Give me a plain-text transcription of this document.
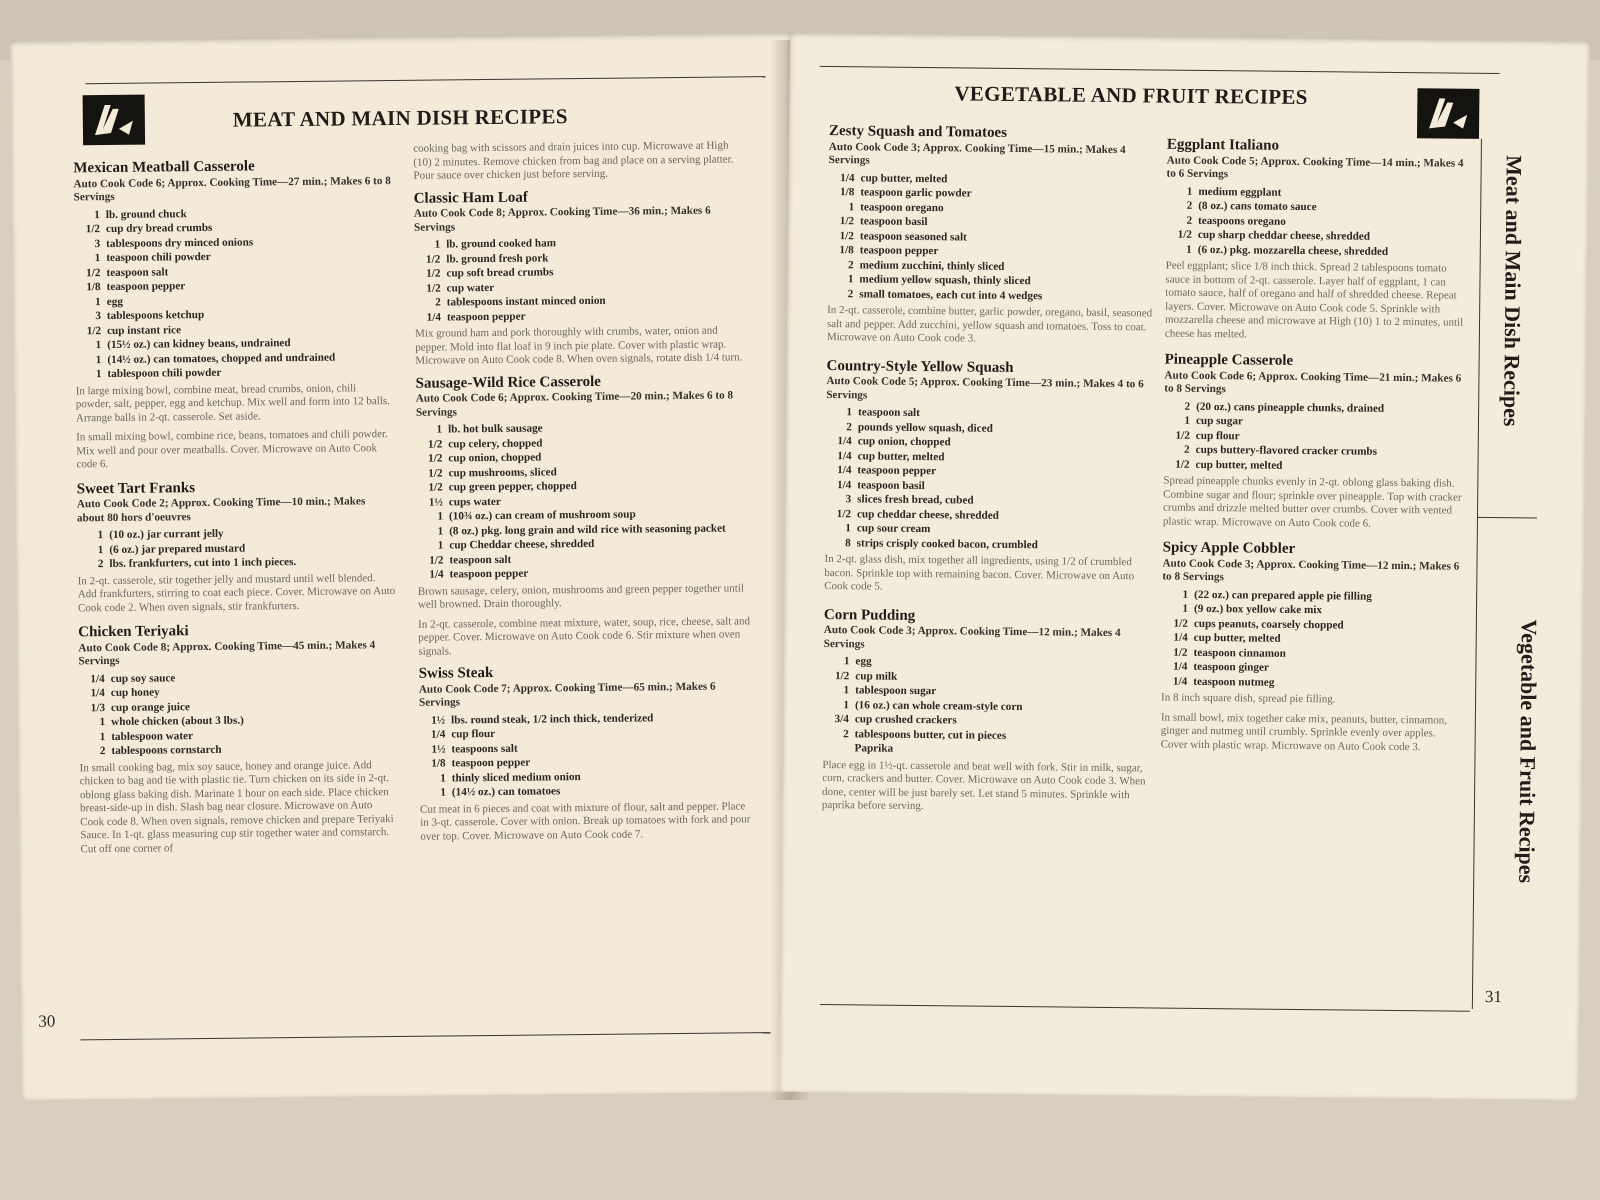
MEAT AND MAIN DISH RECIPES
Mexican Meatball Casserole
Auto Cook Code 6; Approx. Cooking Time—27 min.; Makes 6 to 8 Servings
1 lb. ground chuck
1/2 cup dry bread crumbs
3 tablespoons dry minced onions
1 teaspoon chili powder
1/2 teaspoon salt
1/8 teaspoon pepper
1 egg
3 tablespoons ketchup
1/2 cup instant rice
1 (15½ oz.) can kidney beans, undrained
1 (14½ oz.) can tomatoes, chopped and undrained
1 tablespoon chili powder
In large mixing bowl, combine meat, bread crumbs, onion, chili powder, salt, pepper, egg and ketchup. Mix well and form into 12 balls. Arrange balls in 2-qt. casserole. Set aside.
In small mixing bowl, combine rice, beans, tomatoes and chili powder. Mix well and pour over meatballs. Cover. Microwave on Auto Cook code 6.
Sweet Tart Franks
Auto Cook Code 2; Approx. Cooking Time—10 min.; Makes about 80 hors d'oeuvres
1 (10 oz.) jar currant jelly
1 (6 oz.) jar prepared mustard
2 lbs. frankfurters, cut into 1 inch pieces.
In 2-qt. casserole, stir together jelly and mustard until well blended. Add frankfurters, stirring to coat each piece. Cover. Microwave on Auto Cook code 2. When oven signals, stir frankfurters.
Chicken Teriyaki
Auto Cook Code 8; Approx. Cooking Time—45 min.; Makes 4 Servings
1/4 cup soy sauce
1/4 cup honey
1/3 cup orange juice
1 whole chicken (about 3 lbs.)
1 tablespoon water
2 tablespoons cornstarch
In small cooking bag, mix soy sauce, honey and orange juice. Add chicken to bag and tie with plastic tie. Turn chicken on its side in 2-qt. oblong glass baking dish. Marinate 1 hour on each side. Place chicken breast-side-up in dish. Slash bag near closure. Microwave on Auto Cook code 8. When oven signals, remove chicken and prepare Teriyaki Sauce. In 1-qt. glass measuring cup stir together water and cornstarch. Cut off one corner of
cooking bag with scissors and drain juices into cup. Microwave at High (10) 2 minutes. Remove chicken from bag and place on a serving platter. Pour sauce over chicken just before serving.
Classic Ham Loaf
Auto Cook Code 8; Approx. Cooking Time—36 min.; Makes 6 Servings
1 lb. ground cooked ham
1/2 lb. ground fresh pork
1/2 cup soft bread crumbs
1/2 cup water
2 tablespoons instant minced onion
1/4 teaspoon pepper
Mix ground ham and pork thoroughly with crumbs, water, onion and pepper. Mold into flat loaf in 9 inch pie plate. Cover with plastic wrap. Microwave on Auto Cook code 8. When oven signals, rotate dish 1/4 turn.
Sausage-Wild Rice Casserole
Auto Cook Code 6; Approx. Cooking Time—20 min.; Makes 6 to 8 Servings
1 lb. hot bulk sausage
1/2 cup celery, chopped
1/2 cup onion, chopped
1/2 cup mushrooms, sliced
1/2 cup green pepper, chopped
1½ cups water
1 (10¾ oz.) can cream of mushroom soup
1 (8 oz.) pkg. long grain and wild rice with seasoning packet
1 cup Cheddar cheese, shredded
1/2 teaspoon salt
1/4 teaspoon pepper
Brown sausage, celery, onion, mushrooms and green pepper together until well browned. Drain thoroughly.
In 2-qt. casserole, combine meat mixture, water, soup, rice, cheese, salt and pepper. Cover. Microwave on Auto Cook code 6. Stir mixture when oven signals.
Swiss Steak
Auto Cook Code 7; Approx. Cooking Time—65 min.; Makes 6 Servings
1½ lbs. round steak, 1/2 inch thick, tenderized
1/4 cup flour
1½ teaspoons salt
1/8 teaspoon pepper
1 thinly sliced medium onion
1 (14½ oz.) can tomatoes
Cut meat in 6 pieces and coat with mixture of flour, salt and pepper. Place in 3-qt. casserole. Cover with onion. Break up tomatoes with fork and pour over top. Cover. Microwave on Auto Cook code 7.
30
VEGETABLE AND FRUIT RECIPES
Zesty Squash and Tomatoes
Auto Cook Code 3; Approx. Cooking Time—15 min.; Makes 4 Servings
1/4 cup butter, melted
1/8 teaspoon garlic powder
1 teaspoon oregano
1/2 teaspoon basil
1/2 teaspoon seasoned salt
1/8 teaspoon pepper
2 medium zucchini, thinly sliced
1 medium yellow squash, thinly sliced
2 small tomatoes, each cut into 4 wedges
In 2-qt. casserole, combine butter, garlic powder, oregano, basil, seasoned salt and pepper. Add zucchini, yellow squash and tomatoes. Toss to coat. Microwave on Auto Cook code 3.
Country-Style Yellow Squash
Auto Cook Code 5; Approx. Cooking Time—23 min.; Makes 4 to 6 Servings
1 teaspoon salt
2 pounds yellow squash, diced
1/4 cup onion, chopped
1/4 cup butter, melted
1/4 teaspoon pepper
1/4 teaspoon basil
3 slices fresh bread, cubed
1/2 cup cheddar cheese, shredded
1 cup sour cream
8 strips crisply cooked bacon, crumbled
In 2-qt. glass dish, mix together all ingredients, using 1/2 of crumbled bacon. Sprinkle top with remaining bacon. Cover. Microwave on Auto Cook code 5.
Corn Pudding
Auto Cook Code 3; Approx. Cooking Time—12 min.; Makes 4 Servings
1 egg
1/2 cup milk
1 tablespoon sugar
1 (16 oz.) can whole cream-style corn
3/4 cup crushed crackers
2 tablespoons butter, cut in pieces
Paprika
Place egg in 1½-qt. casserole and beat well with fork. Stir in milk, sugar, corn, crackers and butter. Cover. Microwave on Auto Cook code 3. When done, center will be just barely set. Let stand 5 minutes. Sprinkle with paprika before serving.
Eggplant Italiano
Auto Cook Code 5; Approx. Cooking Time—14 min.; Makes 4 to 6 Servings
1 medium eggplant
2 (8 oz.) cans tomato sauce
2 teaspoons oregano
1/2 cup sharp cheddar cheese, shredded
1 (6 oz.) pkg. mozzarella cheese, shredded
Peel eggplant; slice 1/8 inch thick. Spread 2 tablespoons tomato sauce in bottom of 2-qt. casserole. Layer half of eggplant, 1 can tomato sauce, half of oregano and half of shredded cheese. Repeat layers. Cover. Microwave on Auto Cook code 5. Sprinkle with mozzarella cheese and microwave at High (10) 1 to 2 minutes, until cheese has melted.
Pineapple Casserole
Auto Cook Code 6; Approx. Cooking Time—21 min.; Makes 6 to 8 Servings
2 (20 oz.) cans pineapple chunks, drained
1 cup sugar
1/2 cup flour
2 cups buttery-flavored cracker crumbs
1/2 cup butter, melted
Spread pineapple chunks evenly in 2-qt. oblong glass baking dish. Combine sugar and flour; sprinkle over pineapple. Top with cracker crumbs and drizzle melted butter over crumbs. Cover with vented plastic wrap. Microwave on Auto Cook code 6.
Spicy Apple Cobbler
Auto Cook Code 3; Approx. Cooking Time—12 min.; Makes 6 to 8 Servings
1 (22 oz.) can prepared apple pie filling
1 (9 oz.) box yellow cake mix
1/2 cups peanuts, coarsely chopped
1/4 cup butter, melted
1/2 teaspoon cinnamon
1/4 teaspoon ginger
1/4 teaspoon nutmeg
In 8 inch square dish, spread pie filling.
In small bowl, mix together cake mix, peanuts, butter, cinnamon, ginger and nutmeg until crumbly. Sprinkle evenly over apples. Cover with plastic wrap. Microwave on Auto Cook code 3.
Meat and Main Dish Recipes
Vegetable and Fruit Recipes
31
